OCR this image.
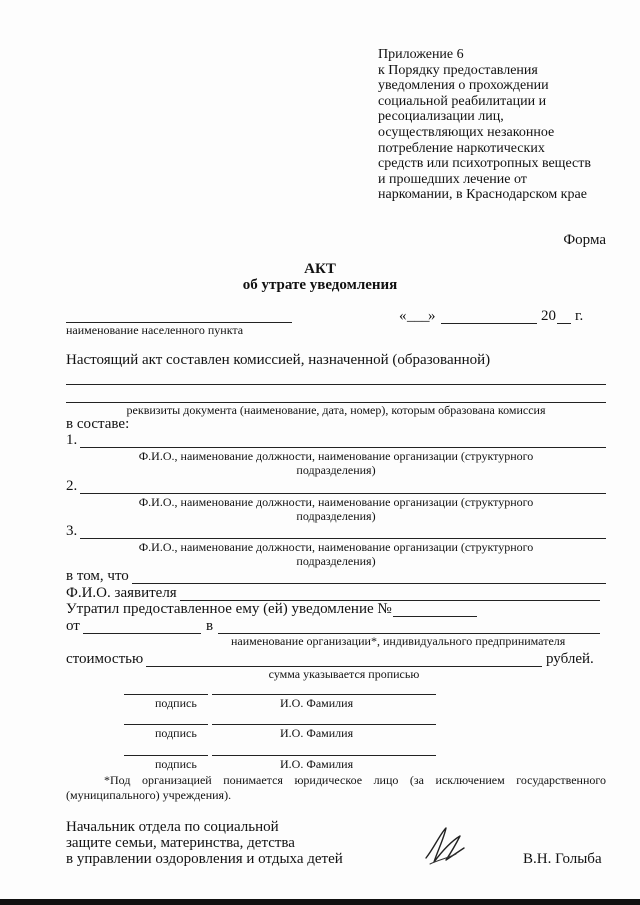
Приложение 6
к Порядку предоставления
уведомления о прохождении
социальной реабилитации и
ресоциализации лиц,
осуществляющих незаконное
потребление наркотических
средств или психотропных веществ
и прошедших лечение от
наркомании, в Краснодарском крае
Форма
АКТ
об утрате уведомления
наименование населенного пункта
« ___
»	20 г.
Настоящий акт составлен комиссией, назначенной (образованной)
реквизиты документа (наименование, дата, номер), которым образована комиссия
в составе:
1.
Ф.И.О., наименование должности, наименование организации (структурного подразделения)
2.
Ф.И.О., наименование должности, наименование организации (структурного подразделения)
3.
Ф.И.О., наименование должности, наименование организации (структурного подразделения)
в том, что
Ф.И.О. заявителя
Утратил предоставленное ему (ей) уведомление №
от	в
наименование организации*, индивидуального предпринимателя
стоимостью	рублей.
сумма указывается прописью
подпись	И.О. Фамилия
подпись	И.О. Фамилия
подпись	И.О. Фамилия
*Под организацией понимается юридическое лицо (за исключением государственного (муниципального) учреждения).
Начальник отдела по социальной
защите семьи, материнства, детства
в управлении оздоровления и отдыха детей	В.Н. Голыба
